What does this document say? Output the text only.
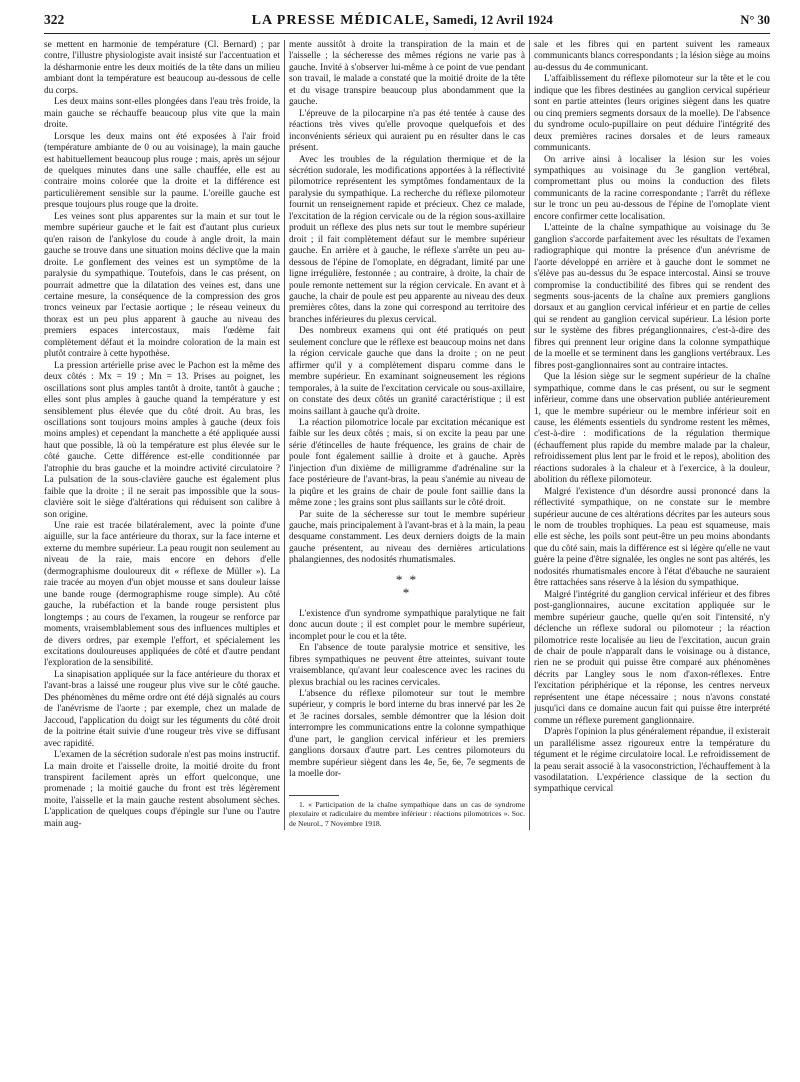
322	LA PRESSE MÉDICALE, Samedi, 12 Avril 1924	N° 30

se mettent en harmonie de température (Cl. Bernard) ; par contre, l'illustre physiologiste avait insisté sur l'accentuation et la désharmonie entre les deux moitiés de la tête dans un milieu ambiant dont la température est beaucoup au-dessous de celle du corps.

Les deux mains sont-elles plongées dans l'eau très froide, la main gauche se réchauffe beaucoup plus vite que la main droite.

Lorsque les deux mains ont été exposées à l'air froid (température ambiante de 0 ou au voisinage), la main gauche est habituellement beaucoup plus rouge ; mais, après un séjour de quelques minutes dans une salle chauffée, elle est au contraire moins colorée que la droite et la différence est particulièrement sensible sur la paume. L'oreille gauche est presque toujours plus rouge que la droite.

Les veines sont plus apparentes sur la main et sur tout le membre supérieur gauche et le fait est d'autant plus curieux qu'en raison de l'ankylose du coude à angle droit, la main gauche se trouve dans une situation moins déclive que la main droite. Le gonflement des veines est un symptôme de la paralysie du sympathique. Toutefois, dans le cas présent, on pourrait admettre que la dilatation des veines est, dans une certaine mesure, la conséquence de la compression des gros troncs veineux par l'ectasie aortique ; le réseau veineux du thorax est un peu plus apparent à gauche au niveau des premiers espaces intercostaux, mais l'œdème fait complètement défaut et la moindre coloration de la main est plutôt contraire à cette hypothèse.

La pression artérielle prise avec le Pachon est la même des deux côtés : Mx = 19 ; Mn = 13. Prises au poignet, les oscillations sont plus amples tantôt à droite, tantôt à gauche ; elles sont plus amples à gauche quand la température y est sensiblement plus élevée que du côté droit. Au bras, les oscillations sont toujours moins amples à gauche (deux fois moins amples) et cependant la manchette a été appliquée aussi haut que possible, là où la température est plus élevée sur le côté gauche. Cette différence est-elle conditionnée par l'atrophie du bras gauche et la moindre activité circulatoire ? La pulsation de la sous-clavière gauche est également plus faible que la droite ; il ne serait pas impossible que la sous-clavière soit le siège d'altérations qui réduisent son calibre à son origine.

Une raie est tracée bilatéralement, avec la pointe d'une aiguille, sur la face antérieure du thorax, sur la face interne et externe du membre supérieur. La peau rougit non seulement au niveau de la raie, mais encore en dehors d'elle (dermographisme douloureux dit « réflexe de Müller »). La raie tracée au moyen d'un objet mousse et sans douleur laisse une bande rouge (dermographisme rouge simple). Au côté gauche, la rubéfaction et la bande rouge persistent plus longtemps ; au cours de l'examen, la rougeur se renforce par moments, vraisemblablement sous des influences multiples et de divers ordres, par exemple l'effort, et spécialement les excitations douloureuses appliquées de côté et d'autre pendant l'exploration de la sensibilité.

La sinapisation appliquée sur la face antérieure du thorax et l'avant-bras a laissé une rougeur plus vive sur le côté gauche. Des phénomènes du même ordre ont été déjà signalés au cours de l'anévrisme de l'aorte ; par exemple, chez un malade de Jaccoud, l'application du doigt sur les téguments du côté droit de la poitrine était suivie d'une rougeur très vive se diffusant avec rapidité.

L'examen de la sécrétion sudorale n'est pas moins instructif. La main droite et l'aisselle droite, la moitié droite du front transpirent facilement après un effort quelconque, une promenade ; la moitié gauche du front est très légèrement moite, l'aisselle et la main gauche restent absolument sèches. L'application de quelques coups d'épingle sur l'une ou l'autre main aug-

mente aussitôt à droite la transpiration de la main et de l'aisselle ; la sécheresse des mêmes régions ne varie pas à gauche. Invité à s'observer lui-même à ce point de vue pendant son travail, le malade a constaté que la moitié droite de la tête et du visage transpire beaucoup plus abondamment que la gauche.

L'épreuve de la pilocarpine n'a pas été tentée à cause des réactions très vives qu'elle provoque quelquefois et des inconvénients sérieux qui auraient pu en résulter dans le cas présent.

Avec les troubles de la régulation thermique et de la sécrétion sudorale, les modifications apportées à la réflectivité pilomotrice représentent les symptômes fondamentaux de la paralysie du sympathique. La recherche du réflexe pilomoteur fournit un renseignement rapide et précieux. Chez ce malade, l'excitation de la région cervicale ou de la région sous-axillaire produit un réflexe des plus nets sur tout le membre supérieur droit ; il fait complètement défaut sur le membre supérieur gauche. En arrière et à gauche, le réflexe s'arrête un peu au-dessous de l'épine de l'omoplate, en dégradant, limité par une ligne irrégulière, festonnée ; au contraire, à droite, la chair de poule remonte nettement sur la région cervicale. En avant et à gauche, la chair de poule est peu apparente au niveau des deux premières côtes, dans la zone qui correspond au territoire des branches inférieures du plexus cervical.

Des nombreux examens qui ont été pratiqués on peut seulement conclure que le réflexe est beaucoup moins net dans la région cervicale gauche que dans la droite ; on ne peut affirmer qu'il y a complètement disparu comme dans le membre supérieur. En examinant soigneusement les régions temporales, à la suite de l'excitation cervicale ou sous-axillaire, on constate des deux côtés un granité caractéristique ; il est moins saillant à gauche qu'à droite.

La réaction pilomotrice locale par excitation mécanique est faible sur les deux côtés ; mais, si on excite la peau par une série d'étincelles de haute fréquence, les grains de chair de poule font également saillie à droite et à gauche. Après l'injection d'un dixième de milligramme d'adrénaline sur la face postérieure de l'avant-bras, la peau s'anémie au niveau de la piqûre et les grains de chair de poule font saillie dans la même zone ; les grains sont plus saillants sur le côté droit.

Par suite de la sécheresse sur tout le membre supérieur gauche, mais principalement à l'avant-bras et à la main, la peau desquame constamment. Les deux derniers doigts de la main gauche présentent, au niveau des dernières articulations phalangiennes, des nodosités rhumatismales.

* *
*

L'existence d'un syndrome sympathique paralytique ne fait donc aucun doute ; il est complet pour le membre supérieur, incomplet pour le cou et la tête.

En l'absence de toute paralysie motrice et sensitive, les fibres sympathiques ne peuvent être atteintes, suivant toute vraisemblance, qu'avant leur coalescence avec les racines du plexus brachial ou les racines cervicales.

L'absence du réflexe pilomoteur sur tout le membre supérieur, y compris le bord interne du bras innervé par les 2e et 3e racines dorsales, semble démontrer que la lésion doit interrompre les communications entre la colonne sympathique d'une part, le ganglion cervical inférieur et les premiers ganglions dorsaux d'autre part. Les centres pilomoteurs du membre supérieur siègent dans les 4e, 5e, 6e, 7e segments de la moelle dor-

1. « Participation de la chaîne sympathique dans un cas de syndrome plexulaire et radiculaire du membre inférieur : réactions pilomotrices ». Soc. de Neurol., 7 Novembre 1918.

sale et les fibres qui en partent suivent les rameaux communicants blancs correspondants ; la lésion siège au moins au-dessus du 4e communicant.

L'affaiblissement du réflexe pilomoteur sur la tête et le cou indique que les fibres destinées au ganglion cervical supérieur sont en partie atteintes (leurs origines siègent dans les quatre ou cinq premiers segments dorsaux de la moelle). De l'absence du syndrome oculo-pupillaire on peut déduire l'intégrité des deux premières racines dorsales et de leurs rameaux communicants.

On arrive ainsi à localiser la lésion sur les voies sympathiques au voisinage du 3e ganglion vertébral, compromettant plus ou moins la conduction des filets communicants de la racine correspondante ; l'arrêt du réflexe sur le tronc un peu au-dessous de l'épine de l'omoplate vient encore confirmer cette localisation.

L'atteinte de la chaîne sympathique au voisinage du 3e ganglion s'accorde parfaitement avec les résultats de l'examen radiographique qui montre la présence d'un anévrisme de l'aorte développé en arrière et à gauche dont le sommet ne s'élève pas au-dessus du 3e espace intercostal. Ainsi se trouve compromise la conductibilité des fibres qui se rendent des segments sous-jacents de la chaîne aux premiers ganglions dorsaux et au ganglion cervical inférieur et en partie de celles qui se rendent au ganglion cervical supérieur. La lésion porte sur le système des fibres préganglionnaires, c'est-à-dire des fibres qui prennent leur origine dans la colonne sympathique de la moelle et se terminent dans les ganglions vertébraux. Les fibres post-ganglionnaires sont au contraire intactes.

Que la lésion siège sur le segment supérieur de la chaîne sympathique, comme dans le cas présent, ou sur le segment inférieur, comme dans une observation publiée antérieurement 1, que le membre supérieur ou le membre inférieur soit en cause, les éléments essentiels du syndrome restent les mêmes, c'est-à-dire : modifications de la régulation thermique (échauffement plus rapide du membre malade par la chaleur, refroidissement plus lent par le froid et le repos), abolition des réactions sudorales à la chaleur et à l'exercice, à la douleur, abolition du réflexe pilomoteur.

Malgré l'existence d'un désordre aussi prononcé dans la réflectivité sympathique, on ne constate sur le membre supérieur aucune de ces altérations décrites par les auteurs sous le nom de troubles trophiques. La peau est squameuse, mais elle est sèche, les poils sont peut-être un peu moins abondants que du côté sain, mais la différence est si légère qu'elle ne vaut guère la peine d'être signalée, les ongles ne sont pas altérés, les nodosités rhumatismales encore à l'état d'ébauche ne sauraient être rattachées sans réserve à la lésion du sympathique.

Malgré l'intégrité du ganglion cervical inférieur et des fibres post-ganglionnaires, aucune excitation appliquée sur le membre supérieur gauche, quelle qu'en soit l'intensité, n'y déclenche un réflexe sudoral ou pilomoteur ; la réaction pilomotrice reste localisée au lieu de l'excitation, aucun grain de chair de poule n'apparaît dans le voisinage ou à distance, rien ne se produit qui puisse être comparé aux phénomènes décrits par Langley sous le nom d'axon-réflexes. Entre l'excitation périphérique et la réponse, les centres nerveux représentent une étape nécessaire ; nous n'avons constaté jusqu'ici dans ce domaine aucun fait qui puisse être interprété comme un réflexe purement ganglionnaire.

D'après l'opinion la plus généralement répandue, il existerait un parallélisme assez rigoureux entre la température du tégument et le régime circulatoire local. Le refroidissement de la peau serait associé à la vasoconstriction, l'échauffement à la vasodilatation. L'expérience classique de la section du sympathique cervical
